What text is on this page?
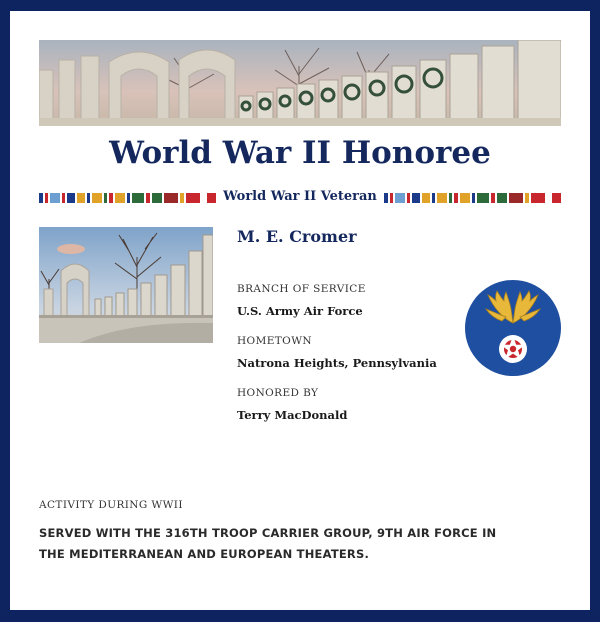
World War II Honoree
World War II Veteran

M. E. Cromer

BRANCH OF SERVICE

U.S. Army Air Force

HOMETOWN

Natrona Heights, Pennsylvania

HONORED BY

Terry MacDonald

ACTIVITY DURING WWII
SERVED WITH THE 316TH TROOP CARRIER GROUP, 9TH AIR FORCE IN THE MEDITERRANEAN AND EUROPEAN THEATERS.
